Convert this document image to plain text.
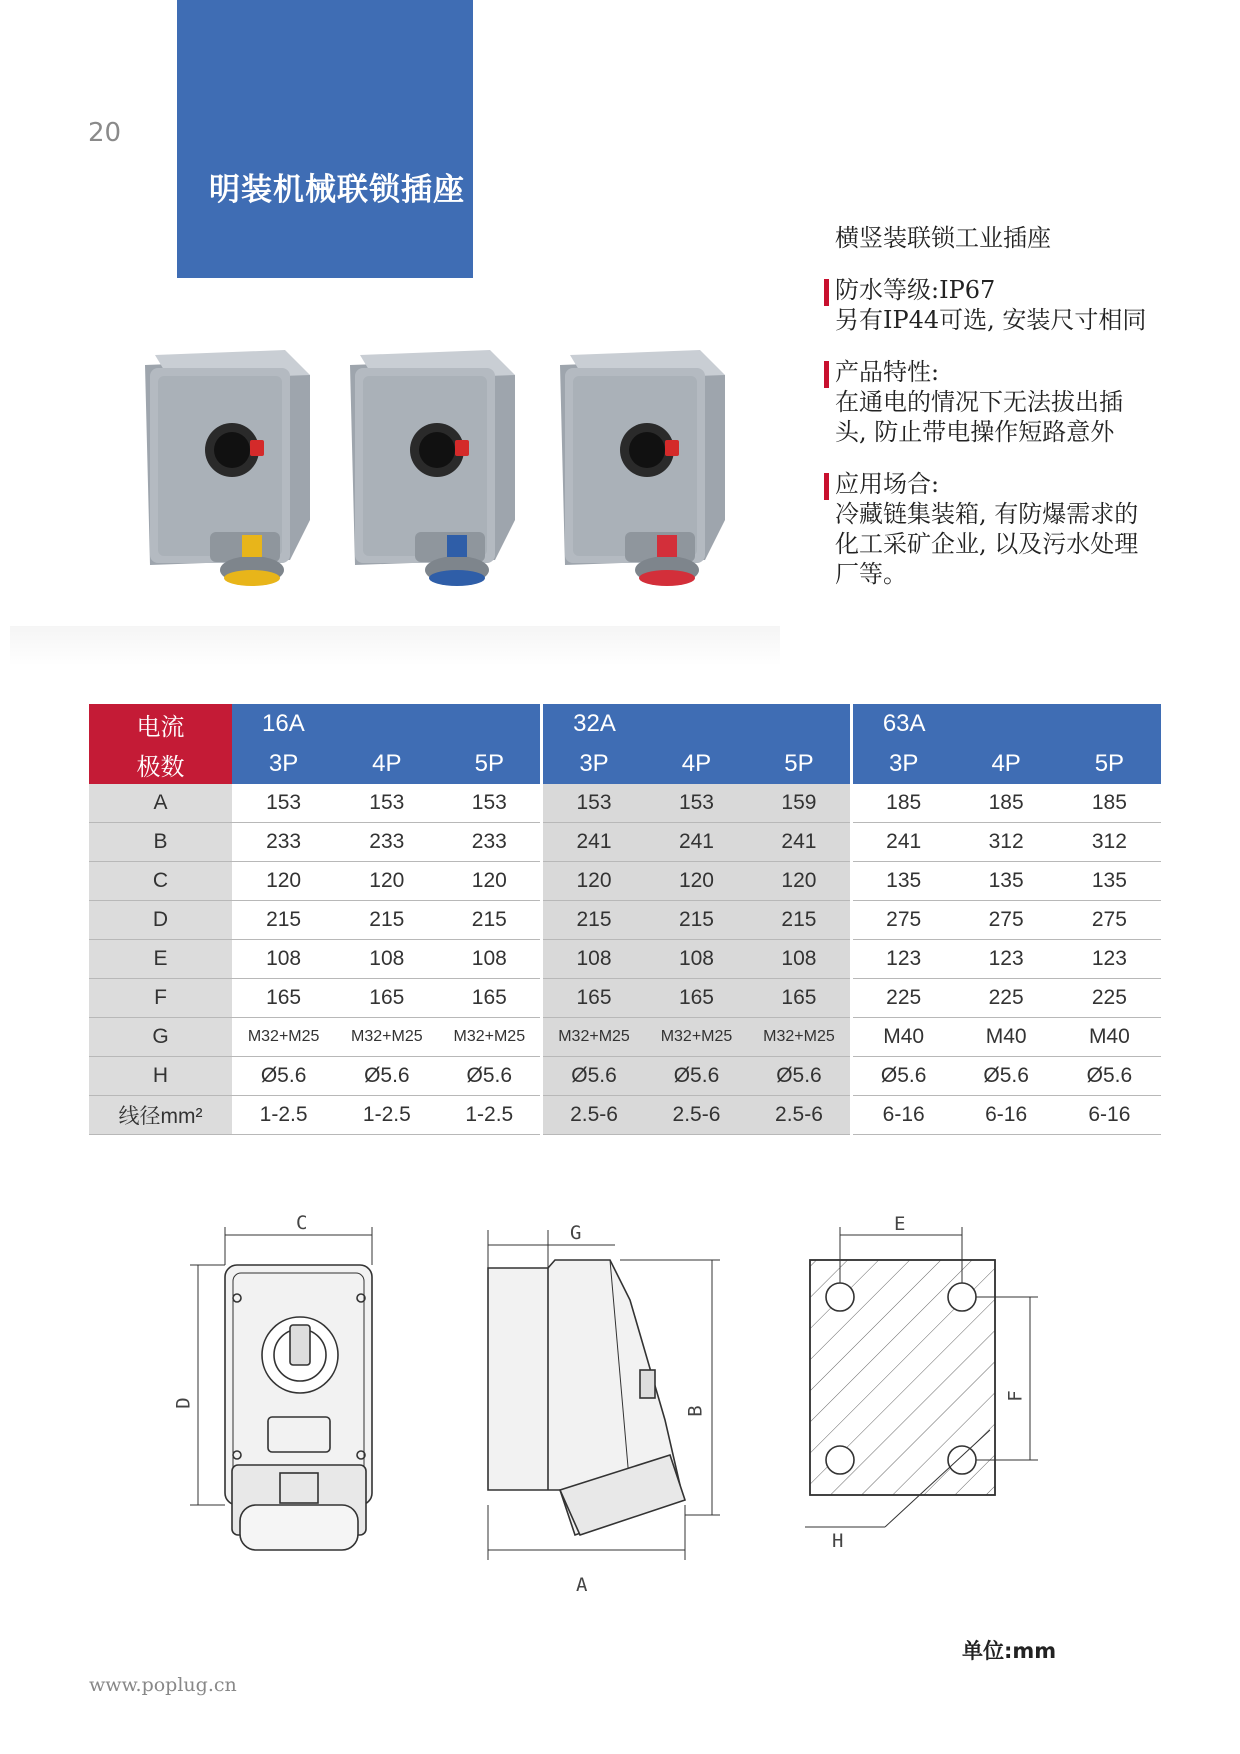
20
明装机械联锁插座
横竖装联锁工业插座
防水等级:IP67
另有IP44可选, 安装尺寸相同
产品特性:
在通电的情况下无法拔出插
头, 防止带电操作短路意外
应用场合:
冷藏链集装箱, 有防爆需求的
化工采矿企业, 以及污水处理
厂等。
电流	16A			32A			63A		
极数	3P	4P	5P	3P	4P	5P	3P	4P	5P
A	153	153	153	153	153	159	185	185	185
B	233	233	233	241	241	241	241	312	312
C	120	120	120	120	120	120	135	135	135
D	215	215	215	215	215	215	275	275	275
E	108	108	108	108	108	108	123	123	123
F	165	165	165	165	165	165	225	225	225
G	M32+M25	M32+M25	M32+M25	M32+M25	M32+M25	M32+M25	M40	M40	M40
H	Ø5.6	Ø5.6	Ø5.6	Ø5.6	Ø5.6	Ø5.6	Ø5.6	Ø5.6	Ø5.6
线径mm²	1-2.5	1-2.5	1-2.5	2.5-6	2.5-6	2.5-6	6-16	6-16	6-16
C
D
G
B
A
E
F
H
单位:mm
www.poplug.cn
